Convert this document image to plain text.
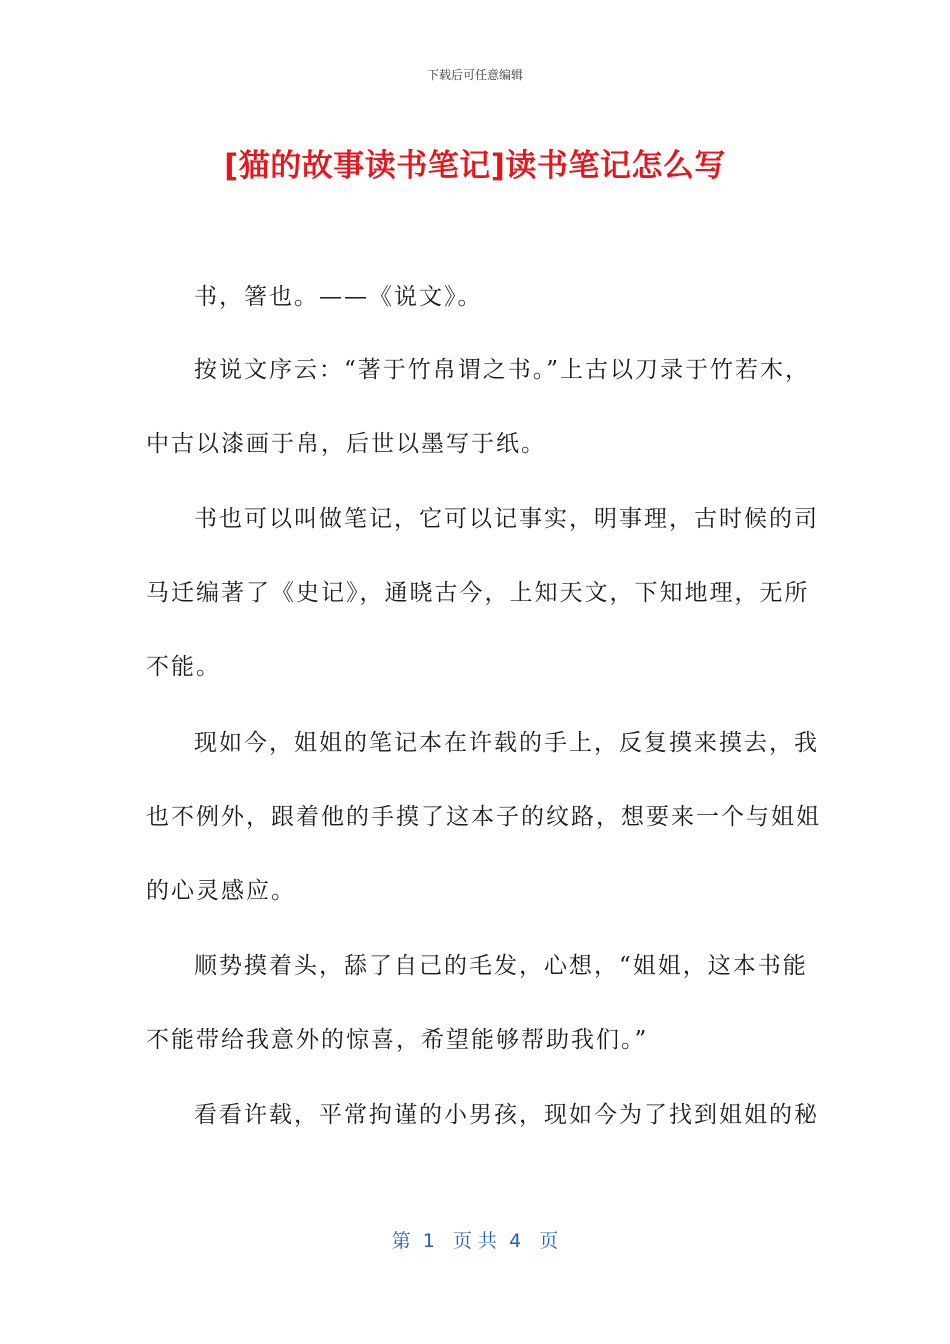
下载后可任意编辑
[猫的故事读书笔记]读书笔记怎么写
书，箸也。——《说文》。
按说文序云：“著于竹帛谓之书。”上古以刀录于竹若木，
中古以漆画于帛，后世以墨写于纸。
书也可以叫做笔记，它可以记事实，明事理，古时候的司
马迁编著了《史记》，通晓古今，上知天文，下知地理，无所
不能。
现如今，姐姐的笔记本在许载的手上，反复摸来摸去，我
也不例外，跟着他的手摸了这本子的纹路，想要来一个与姐姐
的心灵感应。
顺势摸着头，舔了自己的毛发，心想，“姐姐，这本书能
不能带给我意外的惊喜，希望能够帮助我们。”
看看许载，平常拘谨的小男孩，现如今为了找到姐姐的秘
第  1   页 共  4   页
